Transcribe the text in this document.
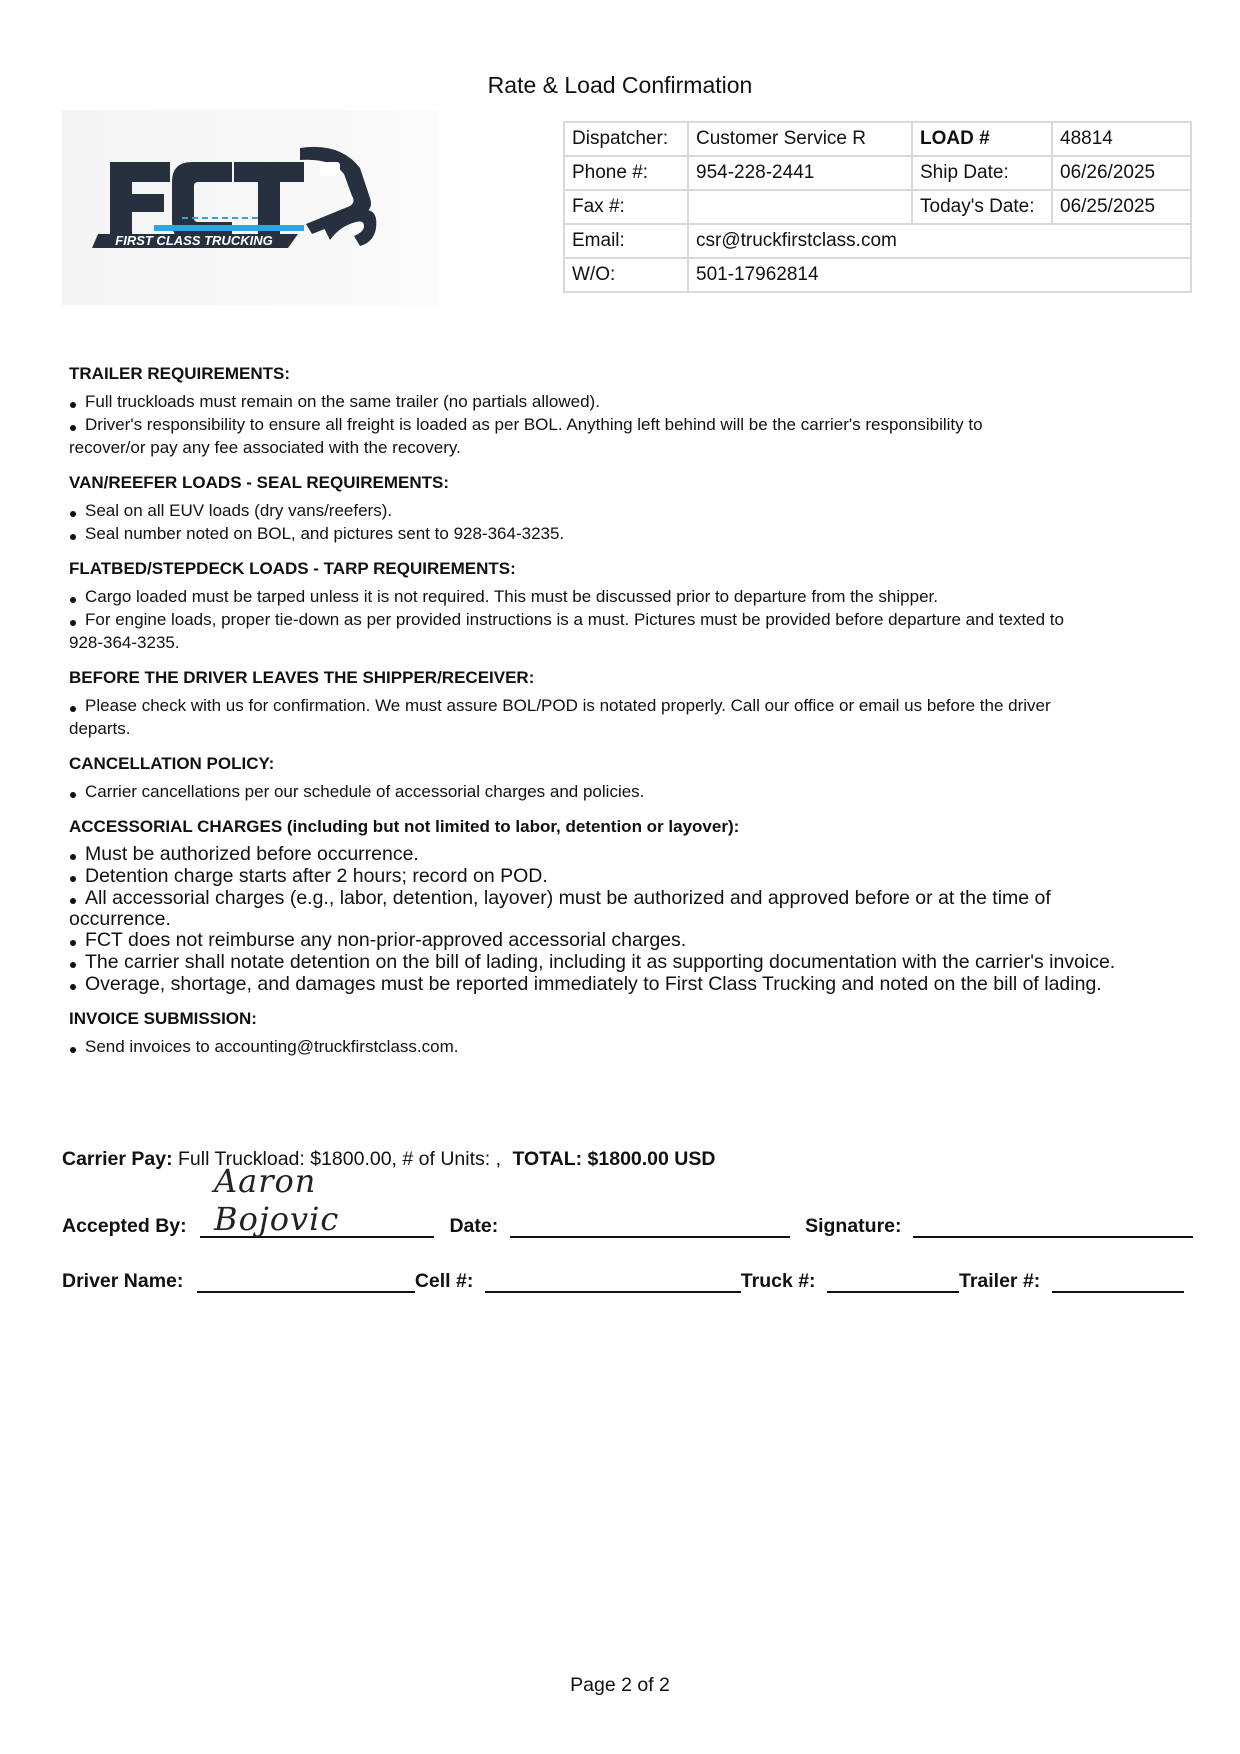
Rate & Load Confirmation
FIRST CLASS TRUCKING
Dispatcher:	Customer Service R	LOAD #	48814
Phone #:	954-228-2441	Ship Date:	06/26/2025
Fax #:		Today's Date:	06/25/2025
Email:	csr@truckfirstclass.com		
W/O:	501-17962814		
TRAILER REQUIREMENTS:
Full truckloads must remain on the same trailer (no partials allowed).
Driver's responsibility to ensure all freight is loaded as per BOL. Anything left behind will be the carrier's responsibility to
recover/or pay any fee associated with the recovery.
VAN/REEFER LOADS - SEAL REQUIREMENTS:
Seal on all EUV loads (dry vans/reefers).
Seal number noted on BOL, and pictures sent to 928-364-3235.
FLATBED/STEPDECK LOADS - TARP REQUIREMENTS:
Cargo loaded must be tarped unless it is not required. This must be discussed prior to departure from the shipper.
For engine loads, proper tie-down as per provided instructions is a must. Pictures must be provided before departure and texted to
928-364-3235.
BEFORE THE DRIVER LEAVES THE SHIPPER/RECEIVER:
Please check with us for confirmation. We must assure BOL/POD is notated properly. Call our office or email us before the driver
departs.
CANCELLATION POLICY:
Carrier cancellations per our schedule of accessorial charges and policies.
ACCESSORIAL CHARGES (including but not limited to labor, detention or layover):
Must be authorized before occurrence.
Detention charge starts after 2 hours; record on POD.
All accessorial charges (e.g., labor, detention, layover) must be authorized and approved before or at the time of
occurrence.
FCT does not reimburse any non-prior-approved accessorial charges.
The carrier shall notate detention on the bill of lading, including it as supporting documentation with the carrier's invoice.
Overage, shortage, and damages must be reported immediately to First Class Trucking and noted on the bill of lading.
INVOICE SUBMISSION:
Send invoices to accounting@truckfirstclass.com.
Carrier Pay: Full Truckload: $1800.00, # of Units: , TOTAL: $1800.00 USD
Accepted By:
Aaron Bojovic	Date:	Signature:
Driver Name:	Cell #:	Truck #:	Trailer #:
Page 2 of 2
